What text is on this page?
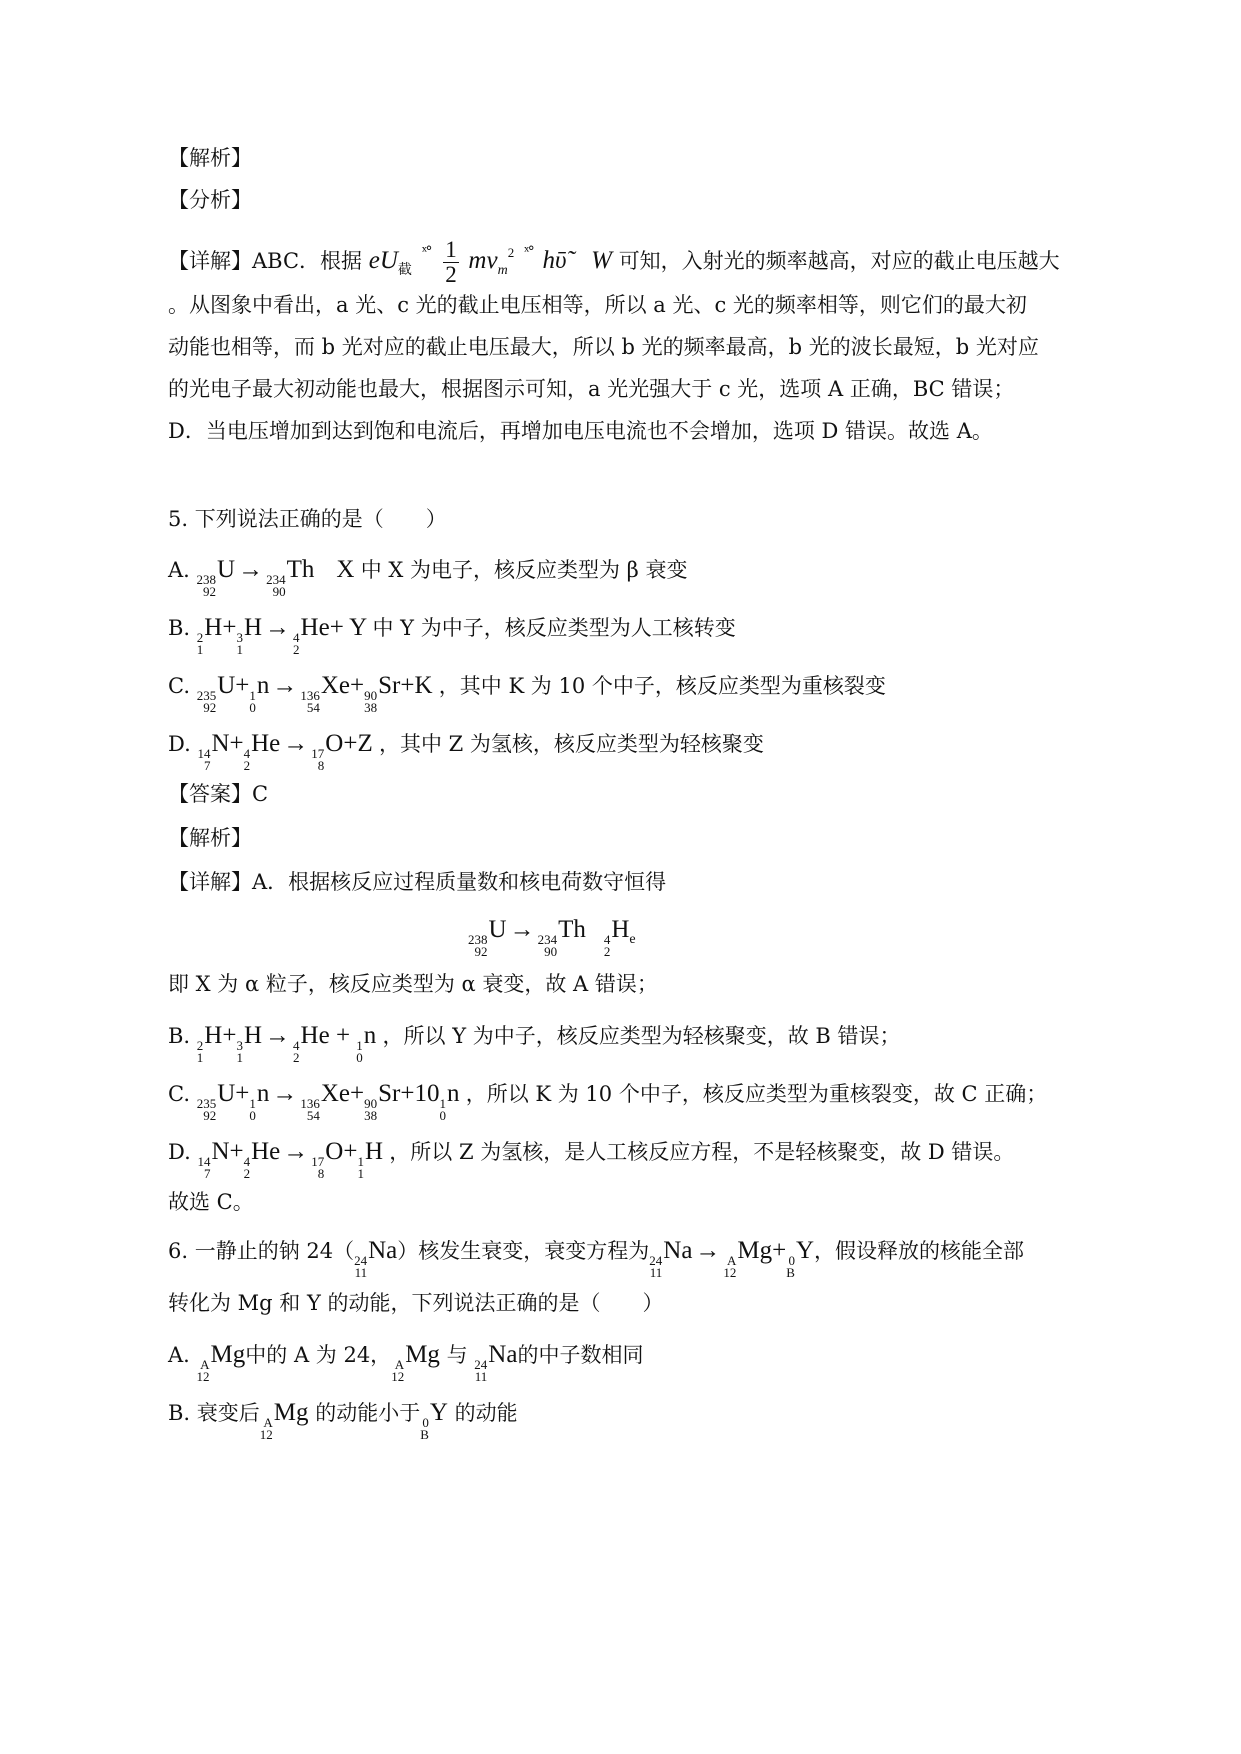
【解析】
【分析】
【详解】ABC．根据 $eU_截$ $^{ˣ^\circ} \frac{1}{2} mv_m^2$ $^{ˣ^\circ}$ hῡ̃ W 可知，入射光的频率越高，对应的截止电压越大
。从图象中看出，a 光、c 光的截止电压相等，所以 a 光、c 光的频率相等，则它们的最大初
动能也相等，而 b 光对应的截止电压最大，所以 b 光的频率最高，b 光的波长最短，b 光对应
的光电子最大初动能也最大，根据图示可知，a 光光强大于 c 光，选项 A 正确，BC 错误；
D．当电压增加到达到饱和电流后，再增加电压电流也不会增加，选项 D 错误。故选 A。
5. 下列说法正确的是（　　）
A. 238
92
U → 234
90
Th X 中 X 为电子，核反应类型为 β 衰变
B. 2
1
H+ 3
1
H → 4
2
He+ Y 中 Y 为中子，核反应类型为人工核转变
C. 235
92
U+ 1
0
n → 136
54
Xe+ 90
38
Sr+K ，其中 K 为 10 个中子，核反应类型为重核裂变
D. 14
7
N+ 4
2
He → 17
8
O+Z ，其中 Z 为氢核，核反应类型为轻核聚变
【答案】C
【解析】
【详解】A．根据核反应过程质量数和核电荷数守恒得
238
92
U → 234
90
Th 4
2
$H_e$
即 X 为 α 粒子，核反应类型为 α 衰变，故 A 错误；
B. 2
1
H+ 3
1
H → 4
2
He + 1
0
n ，所以 Y 为中子，核反应类型为轻核聚变，故 B 错误；
C. 235
92
U+ 1
0
n → 136
54
Xe+ 90
38
Sr+10 1
0
n ，所以 K 为 10 个中子，核反应类型为重核裂变，故 C 正确；
D. 14
7
N+ 4
2
He → 17
8
O+ 1
1
H ，所以 Z 为氢核，是人工核反应方程，不是轻核聚变，故 D 错误。
故选 C。
6. 一静止的钠 24（ 24
11
Na）核发生衰变，衰变方程为 24
11
Na → A
12
Mg+ 0
B
Y，假设释放的核能全部
转化为 Mg 和 Y 的动能，下列说法正确的是（　　）
A. A
12
Mg中的 A 为 24， A
12
Mg 与 24
11
Na的中子数相同
B. 衰变后 A
12
Mg 的动能小于 0
B
Y 的动能
